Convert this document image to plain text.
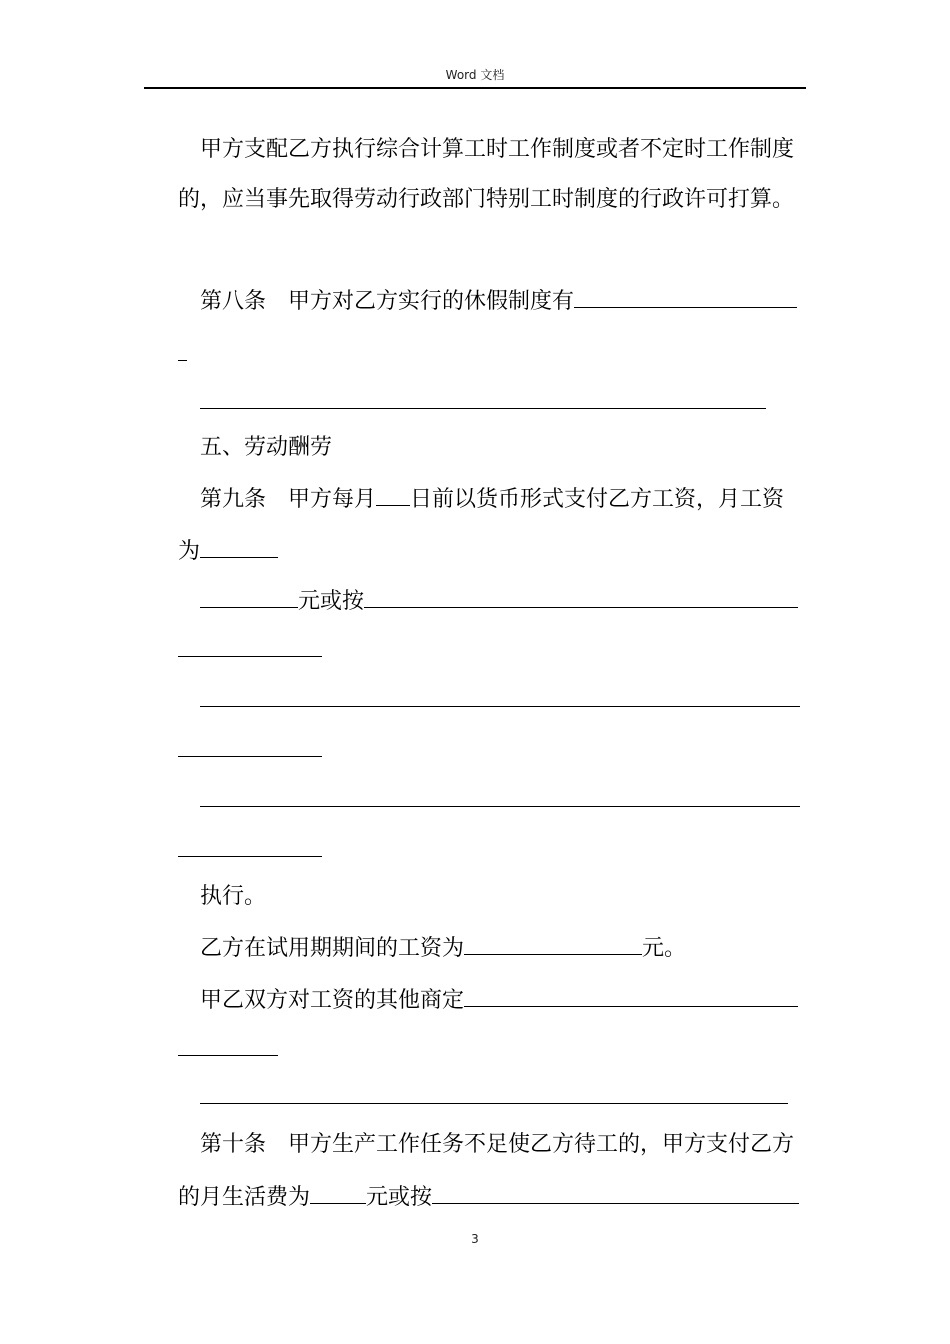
Word 文档
甲方支配乙方执行综合计算工时工作制度或者不定时工作制度
的，应当事先取得劳动行政部门特别工时制度的行政许可打算。
第八条 甲方对乙方实行的休假制度有
五、劳动酬劳
第九条 甲方每月 日前以货币形式支付乙方工资，月工资
为
元或按
执行。
乙方在试用期期间的工资为	元。
甲乙双方对工资的其他商定
第十条 甲方生产工作任务不足使乙方待工的，甲方支付乙方
的月生活费为	元或按
3
